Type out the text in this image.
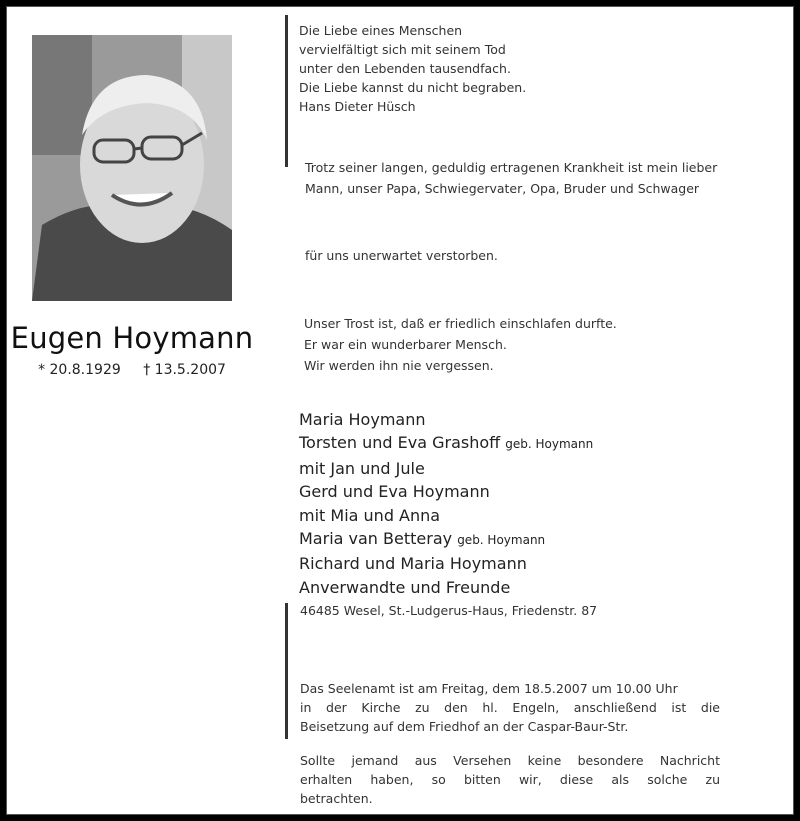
Eugen Hoymann
* 20.8.1929 † 13.5.2007
Die Liebe eines Menschen
vervielfältigt sich mit seinem Tod
unter den Lebenden tausendfach.
Die Liebe kannst du nicht begraben.
Hans Dieter Hüsch
Trotz seiner langen, geduldig ertragenen Krankheit ist mein lieber
Mann, unser Papa, Schwiegervater, Opa, Bruder und Schwager
für uns unerwartet verstorben.
Unser Trost ist, daß er friedlich einschlafen durfte.
Er war ein wunderbarer Mensch.
Wir werden ihn nie vergessen.
Maria Hoymann
Torsten und Eva Grashoff geb. Hoymann
mit Jan und Jule
Gerd und Eva Hoymann
mit Mia und Anna
Maria van Betteray geb. Hoymann
Richard und Maria Hoymann
Anverwandte und Freunde
46485 Wesel, St.-Ludgerus-Haus, Friedenstr. 87
Das Seelenamt ist am Freitag, dem 18.5.2007 um 10.00 Uhr
in der Kirche zu den hl. Engeln, anschließend ist die
Beisetzung auf dem Friedhof an der Caspar-Baur-Str.
Sollte jemand aus Versehen keine besondere Nachricht
erhalten haben, so bitten wir, diese als solche zu
betrachten.
